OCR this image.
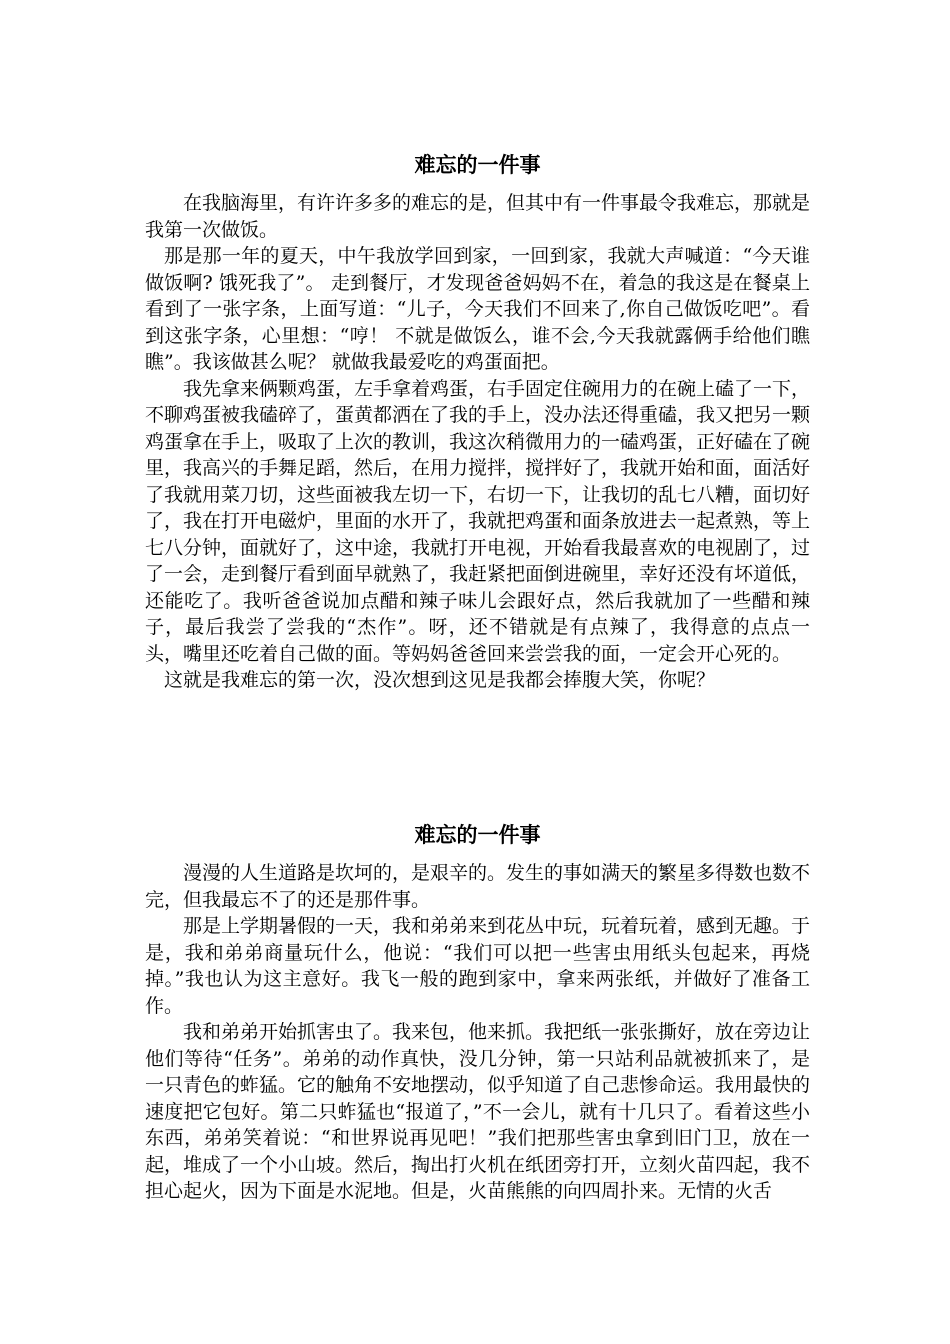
难忘的一件事

在我脑海里，有许许多多的难忘的是，但其中有一件事最令我难忘，那就是我第一次做饭。

那是那一年的夏天，中午我放学回到家，一回到家，我就大声喊道：“今天谁做饭啊? 饿死我了”。 走到餐厅，才发现爸爸妈妈不在，着急的我这是在餐桌上看到了一张字条，上面写道：“儿子，今天我们不回来了,你自己做饭吃吧”。看到这张字条，心里想：“哼！ 不就是做饭么，谁不会,今天我就露俩手给他们瞧瞧”。我该做甚么呢？ 就做我最爱吃的鸡蛋面把。

我先拿来俩颗鸡蛋，左手拿着鸡蛋，右手固定住碗用力的在碗上磕了一下，不聊鸡蛋被我磕碎了，蛋黄都洒在了我的手上，没办法还得重磕，我又把另一颗鸡蛋拿在手上，吸取了上次的教训，我这次稍微用力的一磕鸡蛋，正好磕在了碗里，我高兴的手舞足蹈，然后，在用力搅拌，搅拌好了，我就开始和面，面活好了我就用菜刀切，这些面被我左切一下，右切一下，让我切的乱七八糟，面切好了，我在打开电磁炉，里面的水开了，我就把鸡蛋和面条放进去一起煮熟，等上七八分钟，面就好了，这中途，我就打开电视，开始看我最喜欢的电视剧了，过了一会，走到餐厅看到面早就熟了，我赶紧把面倒进碗里，幸好还没有坏道低，还能吃了。我听爸爸说加点醋和辣子味儿会跟好点，然后我就加了一些醋和辣子，最后我尝了尝我的“杰作”。呀，还不错就是有点辣了，我得意的点点一头，嘴里还吃着自己做的面。等妈妈爸爸回来尝尝我的面，一定会开心死的。

这就是我难忘的第一次，没次想到这见是我都会捧腹大笑，你呢？

难忘的一件事

漫漫的人生道路是坎坷的，是艰辛的。发生的事如满天的繁星多得数也数不完，但我最忘不了的还是那件事。

那是上学期暑假的一天，我和弟弟来到花丛中玩，玩着玩着，感到无趣。于是，我和弟弟商量玩什么，他说：“我们可以把一些害虫用纸头包起来，再烧掉。”我也认为这主意好。我飞一般的跑到家中，拿来两张纸，并做好了准备工作。

我和弟弟开始抓害虫了。我来包，他来抓。我把纸一张张撕好，放在旁边让他们等待“任务”。弟弟的动作真快，没几分钟，第一只站利品就被抓来了，是一只青色的蚱猛。它的触角不安地摆动，似乎知道了自己悲惨命运。我用最快的速度把它包好。第二只蚱猛也“报道了，”不一会儿，就有十几只了。看着这些小东西，弟弟笑着说：“和世界说再见吧！”我们把那些害虫拿到旧门卫，放在一起，堆成了一个小山坡。然后，掏出打火机在纸团旁打开，立刻火苗四起，我不担心起火，因为下面是水泥地。但是，火苗熊熊的向四周扑来。无情的火舌
